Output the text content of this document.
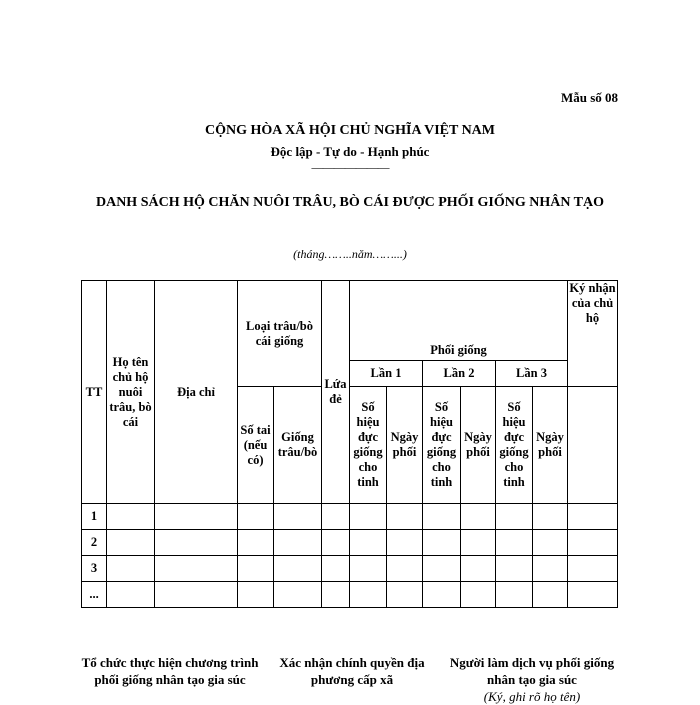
Mẫu số 08
CỘNG HÒA XÃ HỘI CHỦ NGHĨA VIỆT NAM
Độc lập - Tự do - Hạnh phúc
———————
DANH SÁCH HỘ CHĂN NUÔI TRÂU, BÒ CÁI ĐƯỢC PHỐI GIỐNG NHÂN TẠO
(tháng……..năm……...)
TT	Họ tên chủ hộ nuôi trâu, bò cái	Địa chỉ	Loại trâu/bò cái giống		Lứa đẻ	Phối giống						Ký nhận của chủ hộ
						Lần 1		Lần 2		Lần 3		
			Số tai (nếu có)	Giống trâu/bò		Số hiệu đực giống cho tinh	Ngày phối	Số hiệu đực giống cho tinh	Ngày phối	Số hiệu đực giống cho tinh	Ngày phối	

1												
2												
3												
...												
Tổ chức thực hiện chương trình phối giống nhân tạo gia súc
Xác nhận chính quyền địa phương cấp xã
Người làm dịch vụ phối giống nhân tạo gia súc
(Ký, ghi rõ họ tên)
